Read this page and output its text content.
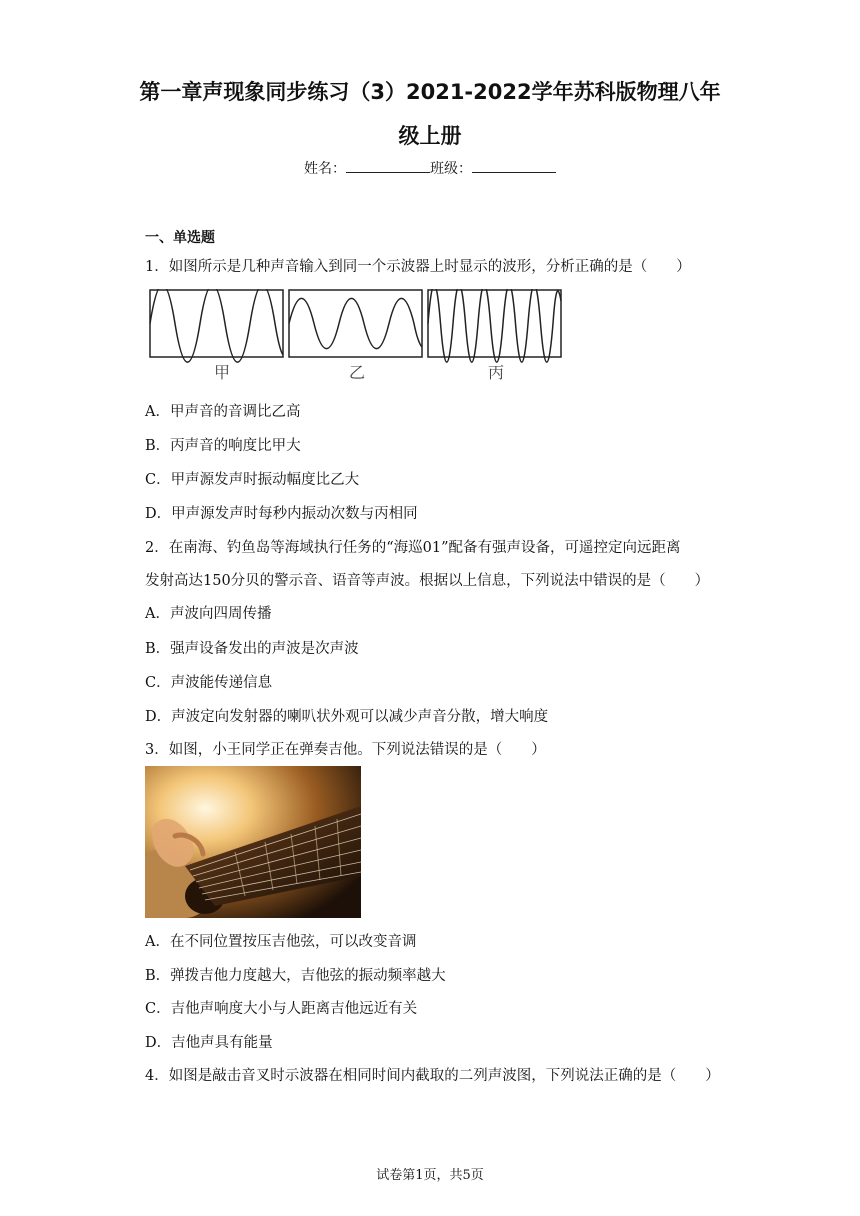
第一章声现象同步练习（3）2021-2022学年苏科版物理八年
级上册
姓名：	班级：
一、单选题
1．如图所示是几种声音输入到同一个示波器上时显示的波形，分析正确的是（　　）
甲	乙	丙
A．甲声音的音调比乙高
B．丙声音的响度比甲大
C．甲声源发声时振动幅度比乙大
D．甲声源发声时每秒内振动次数与丙相同
2．在南海、钓鱼岛等海域执行任务的“海巡01”配备有强声设备，可遥控定向远距离
发射高达150分贝的警示音、语音等声波。根据以上信息，下列说法中错误的是（　　）
A．声波向四周传播
B．强声设备发出的声波是次声波
C．声波能传递信息
D．声波定向发射器的喇叭状外观可以减少声音分散，增大响度
3．如图，小王同学正在弹奏吉他。下列说法错误的是（　　）
A．在不同位置按压吉他弦，可以改变音调
B．弹拨吉他力度越大，吉他弦的振动频率越大
C．吉他声响度大小与人距离吉他远近有关
D．吉他声具有能量
4．如图是敲击音叉时示波器在相同时间内截取的二列声波图，下列说法正确的是（　　）
试卷第1页，共5页
